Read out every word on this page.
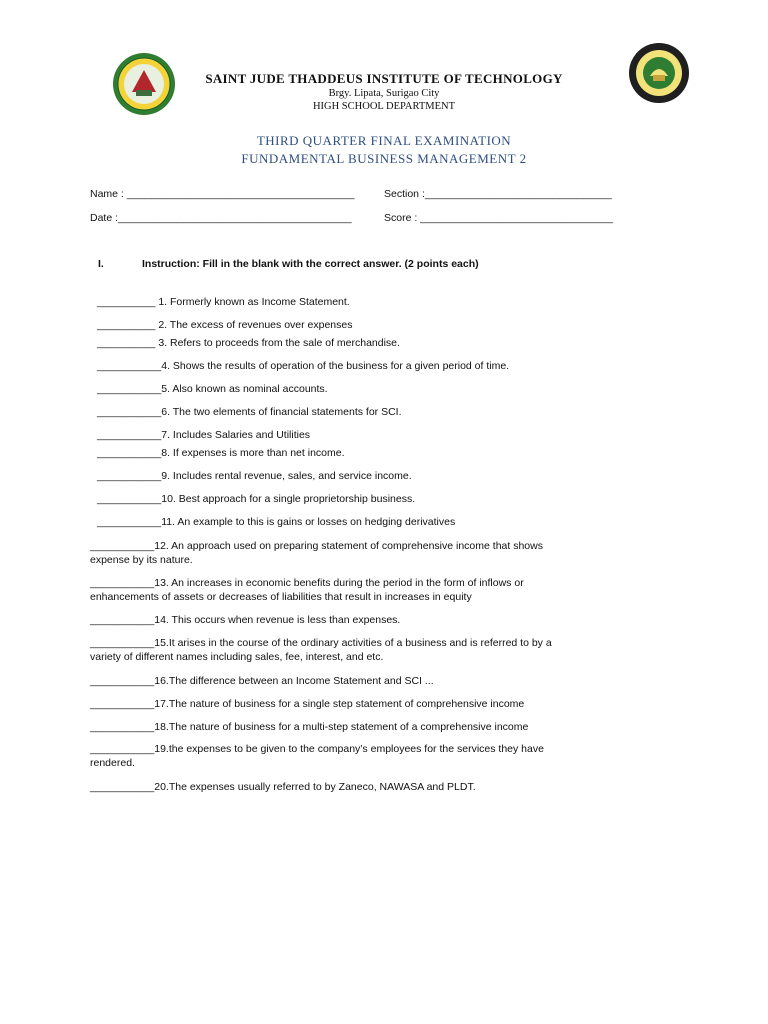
SAINT JUDE THADDEUS INSTITUTE OF TECHNOLOGY
Brgy. Lipata, Surigao City
HIGH SCHOOL DEPARTMENT
THIRD QUARTER FINAL EXAMINATION
FUNDAMENTAL BUSINESS MANAGEMENT 2
Name : _______________________________________	Section :________________________________
Date :________________________________________	Score : _________________________________
I.	Instruction: Fill in the blank with the correct answer. (2 points each)
__________ 1. Formerly known as Income Statement.
__________ 2. The excess of revenues over expenses
__________ 3. Refers to proceeds from the sale of merchandise.
___________4. Shows the results of operation of the business for a given period of time.
___________5. Also known as nominal accounts.
___________6. The two elements of financial statements for SCI.
___________7. Includes Salaries and Utilities
___________8. If expenses is more than net income.
___________9. Includes rental revenue, sales, and service income.
___________10. Best approach for a single proprietorship business.
___________11. An example to this is gains or losses on hedging derivatives
___________12. An approach used on preparing statement of comprehensive income that shows
expense by its nature.
___________13. An increases in economic benefits during the period in the form of inflows or
enhancements of assets or decreases of liabilities that result in increases in equity
___________14. This occurs when revenue is less than expenses.
___________15.It arises in the course of the ordinary activities of a business and is referred to by a
variety of different names including sales, fee, interest, and etc.
___________16.The difference between an Income Statement and SCI ...
___________17.The nature of business for a single step statement of comprehensive income
___________18.The nature of business for a multi-step statement of a comprehensive income
___________19.the expenses to be given to the company’s employees for the services they have
rendered.
___________20.The expenses usually referred to by Zaneco, NAWASA and PLDT.
